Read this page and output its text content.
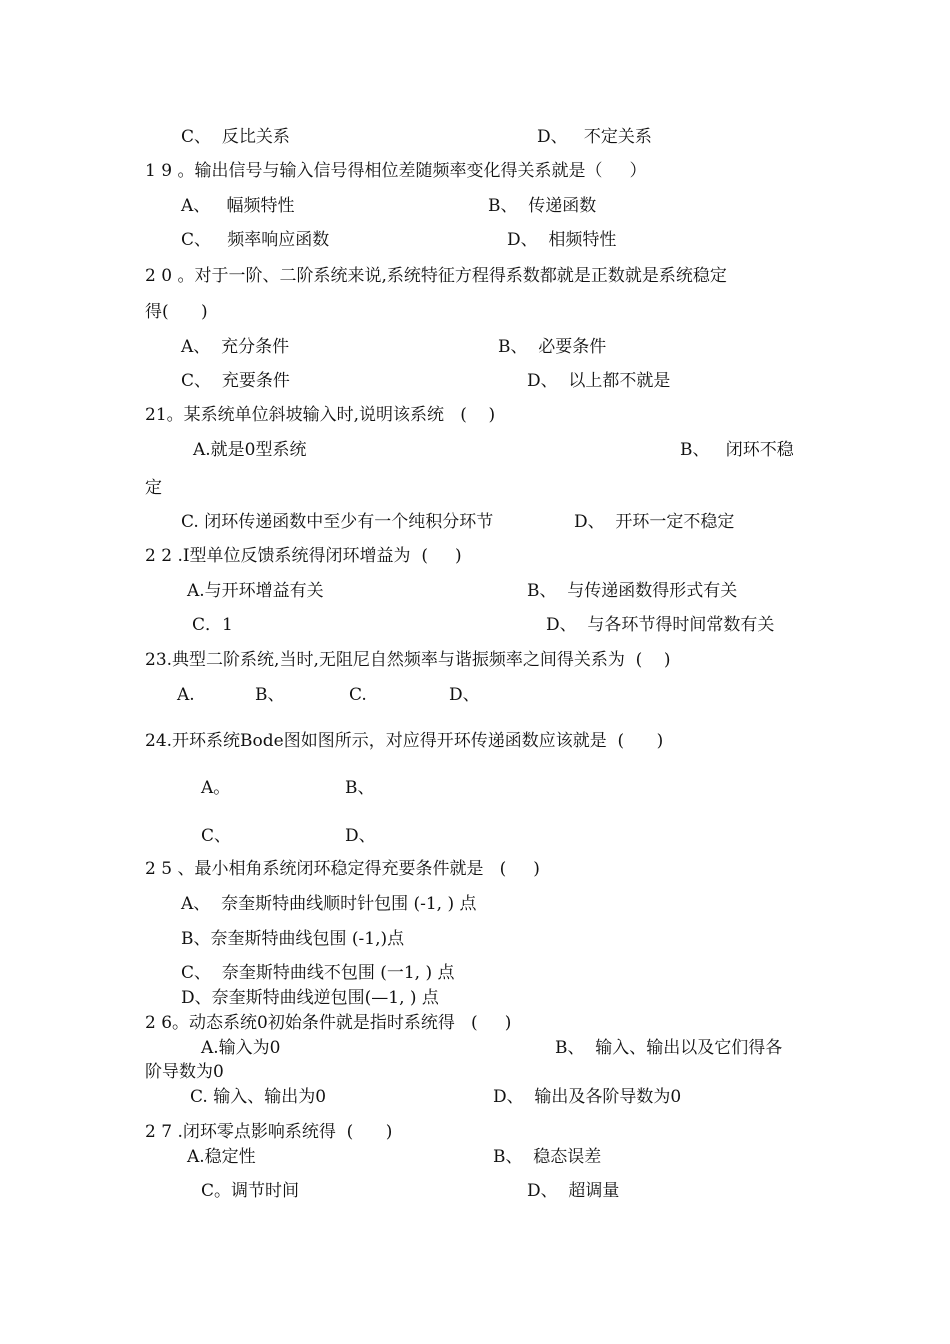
C、  反比关系	D、   不定关系
1 9 。输出信号与输入信号得相位差随频率变化得关系就是（     ）
A、   幅频特性	B、  传递函数
C、   频率响应函数	D、  相频特性
2 0 。对于一阶、二阶系统来说,系统特征方程得系数都就是正数就是系统稳定
得(      )
A、  充分条件	B、  必要条件
C、  充要条件	D、  以上都不就是
21。某系统单位斜坡输入时,说明该系统   (    )
A.就是0型系统	B、   闭环不稳
定
C. 闭环传递函数中至少有一个纯积分环节	D、  开环一定不稳定
2 2 .I型单位反馈系统得闭环增益为  (     )
A.与开环增益有关	B、  与传递函数得形式有关
C．1	D、  与各环节得时间常数有关
23.典型二阶系统,当时,无阻尼自然频率与谐振频率之间得关系为  (    )
A.	B、	C.	D、
24.开环系统Bode图如图所示，对应得开环传递函数应该就是  (      )
A。	B、
C、	D、
2 5 、最小相角系统闭环稳定得充要条件就是   (     )
A、  奈奎斯特曲线顺时针包围 (-1, ) 点
B、奈奎斯特曲线包围 (-1,)点
C、  奈奎斯特曲线不包围 (一1, ) 点
D、奈奎斯特曲线逆包围(—1, ) 点
2 6。动态系统0初始条件就是指时系统得   (     )
A.输入为0	B、  输入、输出以及它们得各
阶导数为0
C. 输入、输出为0	D、  输出及各阶导数为0
2 7 .闭环零点影响系统得  (      )
A.稳定性	B、  稳态误差
C。调节时间	D、  超调量
